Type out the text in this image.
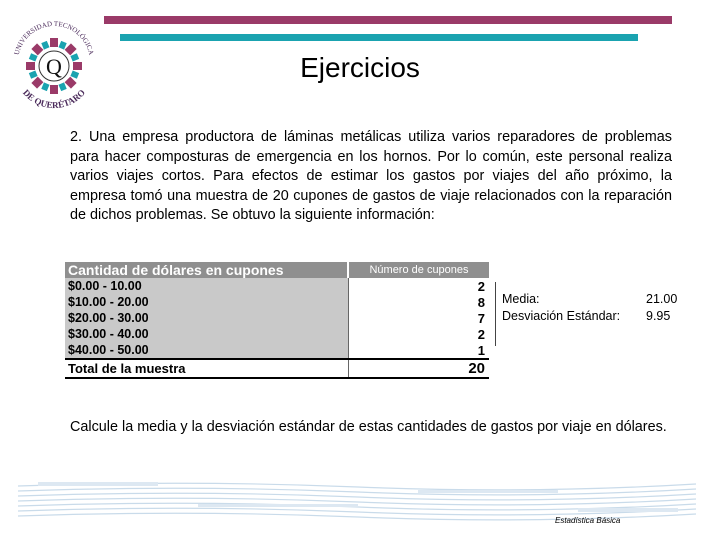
UNIVERSIDAD TECNOLÓGICA
Q
DE QUERÉTARO
Ejercicios
2. Una empresa productora de láminas metálicas utiliza varios reparadores de problemas para hacer composturas de emergencia en los hornos. Por lo común, este personal realiza varios viajes cortos. Para efectos de estimar los gastos por viajes del año próximo, la empresa tomó una muestra de 20 cupones de gastos de viaje relacionados con la reparación de dichos problemas. Se obtuvo la siguiente información:
Cantidad de dólares en cupones	Número de cupones
$0.00 - 10.00	2
$10.00 - 20.00	8
$20.00 - 30.00	7
$30.00 - 40.00	2
$40.00 - 50.00	1
Total de la muestra	20
Media:	21.00
Desviación Estándar: 9.95
Calcule la media y la desviación estándar de estas cantidades de gastos por viaje en dólares.
Estadística Básica
